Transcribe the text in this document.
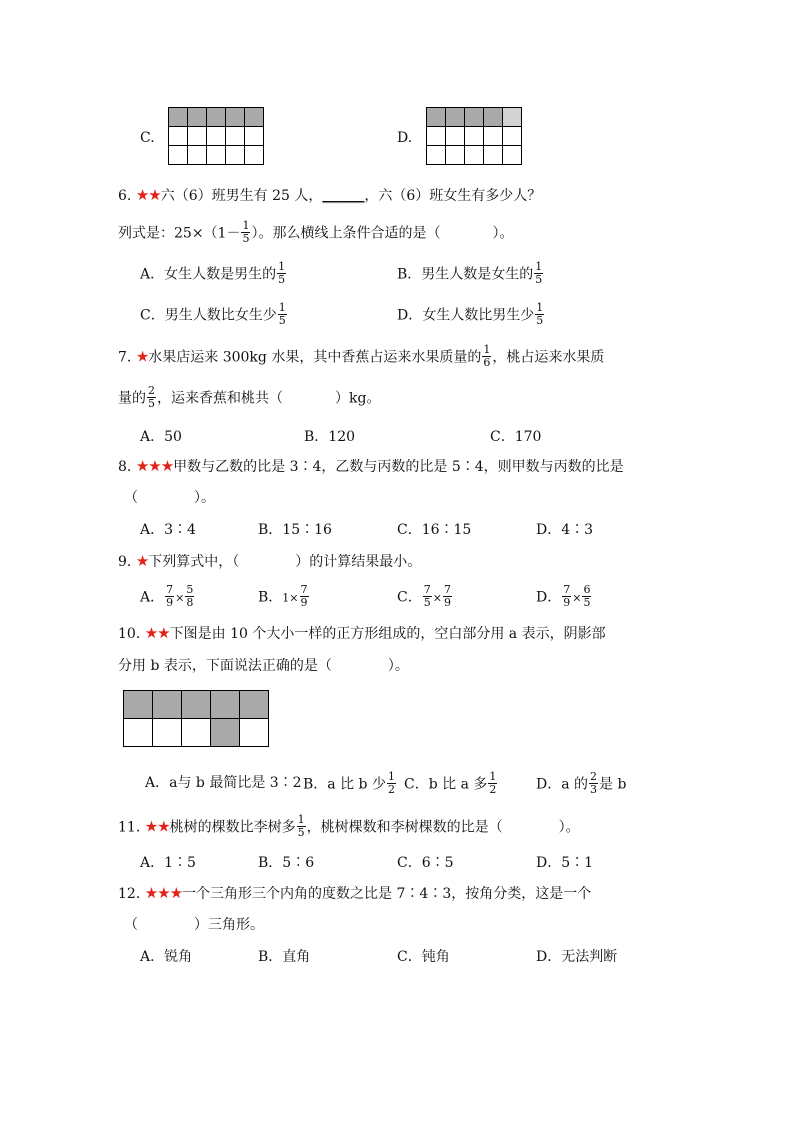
C.

					D.

6. ★★六（6）班男生有 25 人，______，六（6）班女生有多少人？
列式是：$25\times(1- \frac{1}{5}$ ）。那么横线上条件合适的是（	）。
A．女生人数是男生的 $\frac{1}{5}$	B．男生人数是女生的 $\frac{1}{5}$
C．男生人数比女生少 $\frac{1}{5}$	D．女生人数比男生少 $\frac{1}{5}$
7. ★水果店运来 300kg 水果，其中香蕉占运来水果质量的 $\frac{1}{6}$ ，桃占运来水果质
量的 $\frac{2}{5}$ ，运来香蕉和桃共（	）kg。
A．50	B．120	C．170
8. ★★★甲数与乙数的比是 3∶4，乙数与丙数的比是 5∶4，则甲数与丙数的比是
（　　　　）。
A．3∶4	B．15∶16	C．16∶15	D．4∶3
9. ★下列算式中，（　　　　）的计算结果最小。
A． $\frac{7}{9} \times \frac{5}{8}$	B．$1\times \frac{7}{9}$	C． $\frac{7}{5} \times \frac{7}{9}$	D． $\frac{7}{9} \times \frac{6}{5}$
10. ★★下图是由 10 个大小一样的正方形组成的，空白部分用 a 表示，阴影部
分用 b 表示，下面说法正确的是（　　　　）。

A．a与 b 最简比是 3∶2 B．a 比 b 少 $\frac{1}{2}$ C．b 比 a 多 $\frac{1}{2}$	D．a 的 $\frac{2}{3}$ 是 b
11. ★★桃树的棵数比李树多 $\frac{1}{5}$ ，桃树棵数和李树棵数的比是（　　　　）。
A．1∶5	B．5∶6	C．6∶5	D．5∶1
12. ★★★一个三角形三个内角的度数之比是 7∶4∶3，按角分类，这是一个
（　　　　）三角形。
A．锐角	B．直角	C．钝角	D．无法判断
